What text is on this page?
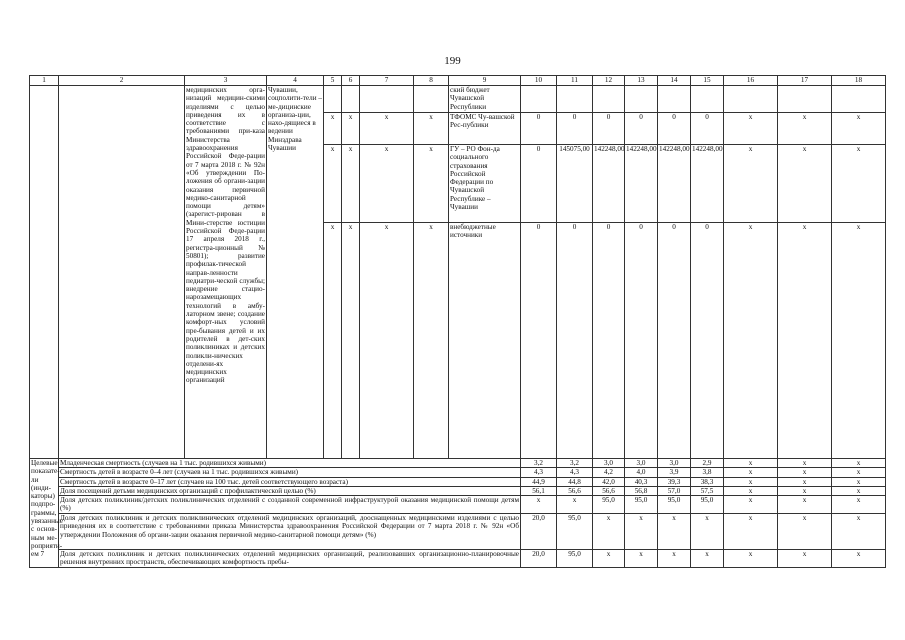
199
1	2	3	4	5	6	7	8	9	10	11	12	13	14	15	16	17	18
		медицинских орга-низаций медицин-скими изделиями с целью приведения их в соответствие с требованиями при-каза Министерства здравоохранения Российской Феде-рации от 7 марта 2018 г. № 92н «Об утверждении По-ложения об органи-зации оказания первичной медико-санитарной помощи детям» (зарегист-рирован в Мини-стерстве юстиции Российской Феде-рации 17 апреля 2018 г., регистра-ционный № 50801); развитие профилак-тической направ-ленности педиатри-ческой службы; внедрение стацио-нарозамещающих технологий в амбу-латорном звене; создание комфорт-ных условий пре-бывания детей и их родителей в дет-ских поликлиниках и детских поликли-нических отделени-ях медицинских организаций	Чувашии, соцполити-тели – ме-дицинские организа-ции, нахо-дящиеся в ведении Минздрава Чувашии					ский бюджет Чувашской Республики									
				x	x	x	x	ТФОМС Чу-вашской Рес-публики	0	0	0	0	0	0	x	x	x
				x	x	x	x	ГУ – РО Фон-да социального страхования Российской Федерации по Чувашской Республике – Чувашии	0	145075,00	142248,00	142248,00	142248,00	142248,00	x	x	x
				x	x	x	x	внебюджетные источники	0	0	0	0	0	0	x	x	x
Целевые показате-ли (инди-каторы) подпро-граммы, увязанные с основ-ным ме-роприяти-ем 7	Младенческая смертность (случаев на 1 тыс. родившихся живыми)								3,2	3,2	3,0	3,0	3,0	2,9	x	x	x
	Смертность детей в возрасте 0–4 лет (случаев на 1 тыс. родившихся живыми)								4,3	4,3	4,2	4,0	3,9	3,8	x	x	x
	Смертность детей в возрасте 0–17 лет (случаев на 100 тыс. детей соответствующего возраста)								44,9	44,8	42,0	40,3	39,3	38,3	x	x	x
	Доля посещений детьми медицинских организаций с профилактической целью (%)								56,1	56,6	56,6	56,8	57,0	57,5	x	x	x
	Доля детских поликлиник/детских поликлинических отделений с созданной современной инфраструктурой оказания медицинской помощи детям (%)								x	x	95,0	95,0	95,0	95,0	x	x	x
	Доля детских поликлиник и детских поликлинических отделений медицинских организаций, дооснащенных медицинскими изделиями с целью приведения их в соответствие с требованиями приказа Министерства здравоохранения Российской Федерации от 7 марта 2018 г. № 92н «Об утверждении Положения об органи-зации оказания первичной медико-санитарной помощи детям» (%)								20,0	95,0	x	x	x	x	x	x	x
	Доля детских поликлиник и детских поликлинических отделений медицинских организаций, реализовавших организационно-планировочные решения внутренних пространств, обеспечивающих комфортность пребы-								20,0	95,0	x	x	x	x	x	x	x
